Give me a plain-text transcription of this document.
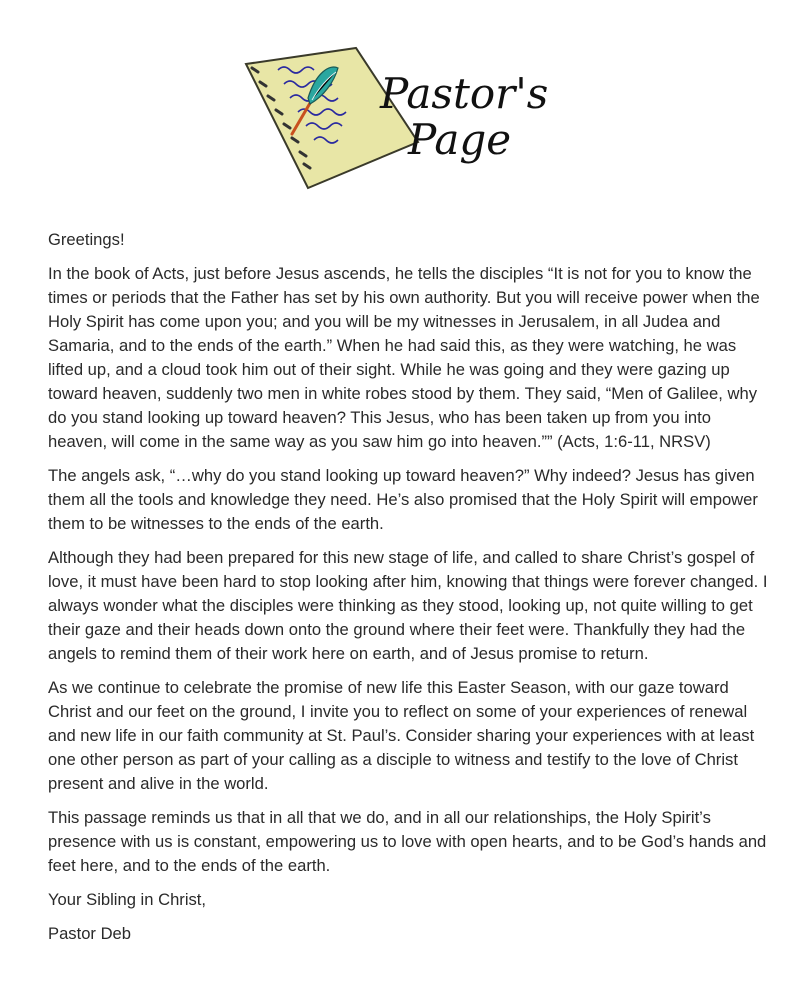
Pastor's
Page

Greetings!

In the book of Acts, just before Jesus ascends, he tells the disciples “It is not for you to know the times or periods that the Father has set by his own authority. But you will receive power when the Holy Spirit has come upon you; and you will be my witnesses in Jerusalem, in all Judea and Samaria, and to the ends of the earth.” When he had said this, as they were watching, he was lifted up, and a cloud took him out of their sight. While he was going and they were gazing up toward heaven, suddenly two men in white robes stood by them. They said, “Men of Galilee, why do you stand looking up toward heaven? This Jesus, who has been taken up from you into heaven, will come in the same way as you saw him go into heaven.”” (Acts, 1:6-11, NRSV)

The angels ask, “…why do you stand looking up toward heaven?” Why indeed? Jesus has given them all the tools and knowledge they need. He’s also promised that the Holy Spirit will empower them to be witnesses to the ends of the earth.

Although they had been prepared for this new stage of life, and called to share Christ’s gospel of love, it must have been hard to stop looking after him, knowing that things were forever changed. I always wonder what the disciples were thinking as they stood, looking up, not quite willing to get their gaze and their heads down onto the ground where their feet were. Thankfully they had the angels to remind them of their work here on earth, and of Jesus promise to return.

As we continue to celebrate the promise of new life this Easter Season, with our gaze toward Christ and our feet on the ground, I invite you to reflect on some of your experiences of renewal and new life in our faith community at St. Paul’s. Consider sharing your experiences with at least one other person as part of your calling as a disciple to witness and testify to the love of Christ present and alive in the world.

This passage reminds us that in all that we do, and in all our relationships, the Holy Spirit’s presence with us is constant, empowering us to love with open hearts, and to be God’s hands and feet here, and to the ends of the earth.

Your Sibling in Christ,

Pastor Deb
